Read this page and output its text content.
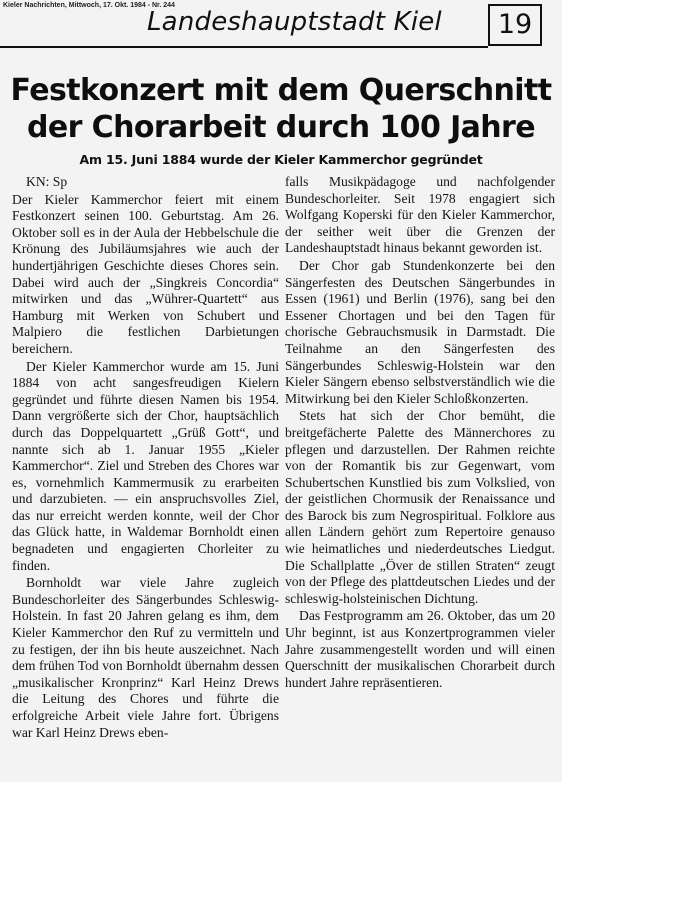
Kieler Nachrichten, Mittwoch, 17. Okt. 1984 - Nr. 244
Landeshauptstadt Kiel	19
Festkonzert mit dem Querschnitt
der Chorarbeit durch 100 Jahre
Am 15. Juni 1884 wurde der Kieler Kammerchor gegründet

KN: Sp

Der Kieler Kammerchor feiert mit einem Festkonzert seinen 100. Geburtstag. Am 26. Oktober soll es in der Aula der Hebbelschule die Krönung des Jubiläumsjahres wie auch der hundertjährigen Geschichte dieses Chores sein. Dabei wird auch der „Singkreis Concordia“ mitwirken und das „Wührer-Quartett“ aus Hamburg mit Werken von Schubert und Malpiero die festlichen Darbietungen bereichern.

Der Kieler Kammerchor wurde am 15. Juni 1884 von acht sangesfreudigen Kielern gegründet und führte diesen Namen bis 1954. Dann vergrößerte sich der Chor, hauptsächlich durch das Doppelquartett „Grüß Gott“, und nannte sich ab 1. Januar 1955 „Kieler Kammerchor“. Ziel und Streben des Chores war es, vornehmlich Kammermusik zu erarbeiten und darzubieten. — ein anspruchsvolles Ziel, das nur erreicht werden konnte, weil der Chor das Glück hatte, in Waldemar Bornholdt einen begnadeten und engagierten Chorleiter zu finden.

Bornholdt war viele Jahre zugleich Bundeschorleiter des Sängerbundes Schleswig-Holstein. In fast 20 Jahren gelang es ihm, dem Kieler Kammerchor den Ruf zu vermitteln und zu festigen, der ihn bis heute auszeichnet. Nach dem frühen Tod von Bornholdt übernahm dessen „musikalischer Kronprinz“ Karl Heinz Drews die Leitung des Chores und führte die erfolgreiche Arbeit viele Jahre fort. Übrigens war Karl Heinz Drews eben-

falls Musikpädagoge und nachfolgender Bundeschorleiter. Seit 1978 engagiert sich Wolfgang Koperski für den Kieler Kammerchor, der seither weit über die Grenzen der Landeshauptstadt hinaus bekannt geworden ist.

Der Chor gab Stundenkonzerte bei den Sängerfesten des Deutschen Sängerbundes in Essen (1961) und Berlin (1976), sang bei den Essener Chortagen und bei den Tagen für chorische Gebrauchsmusik in Darmstadt. Die Teilnahme an den Sängerfesten des Sängerbundes Schleswig-Holstein war den Kieler Sängern ebenso selbstverständlich wie die Mitwirkung bei den Kieler Schloßkonzerten.

Stets hat sich der Chor bemüht, die breitgefächerte Palette des Männerchores zu pflegen und darzustellen. Der Rahmen reichte von der Romantik bis zur Gegenwart, vom Schubertschen Kunstlied bis zum Volkslied, von der geistlichen Chormusik der Renaissance und des Barock bis zum Negrospiritual. Folklore aus allen Ländern gehört zum Repertoire genauso wie heimatliches und niederdeutsches Liedgut. Die Schallplatte „Över de stillen Straten“ zeugt von der Pflege des plattdeutschen Liedes und der schleswig-holsteinischen Dichtung.

Das Festprogramm am 26. Oktober, das um 20 Uhr beginnt, ist aus Konzertprogrammen vieler Jahre zusammengestellt worden und will einen Querschnitt der musikalischen Chorarbeit durch hundert Jahre repräsentieren.
